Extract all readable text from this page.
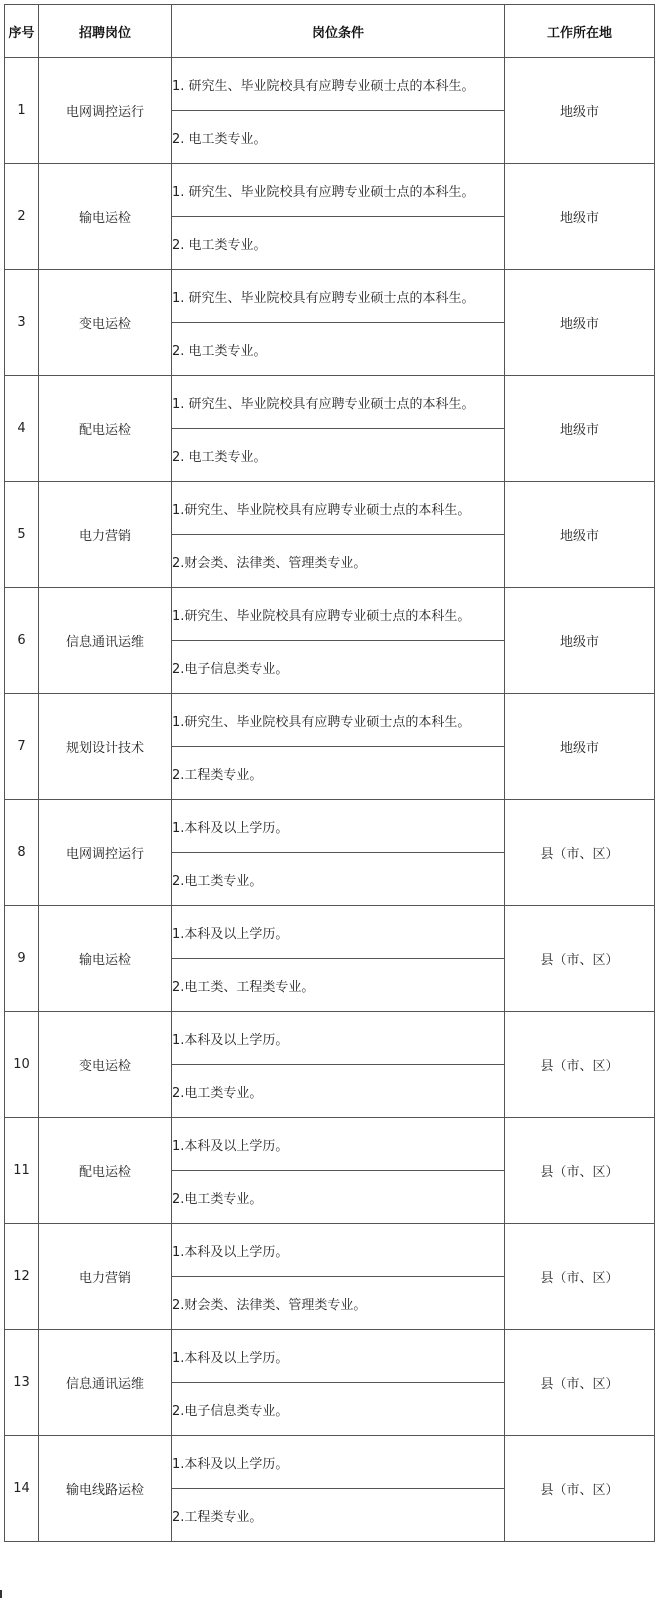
序号	招聘岗位	岗位条件	工作所在地
1	电网调控运行	1. 研究生、毕业院校具有应聘专业硕士点的本科生。	地级市
		2. 电工类专业。	
2	输电运检	1. 研究生、毕业院校具有应聘专业硕士点的本科生。	地级市
		2. 电工类专业。	
3	变电运检	1. 研究生、毕业院校具有应聘专业硕士点的本科生。	地级市
		2. 电工类专业。	
4	配电运检	1. 研究生、毕业院校具有应聘专业硕士点的本科生。	地级市
		2. 电工类专业。	
5	电力营销	1.研究生、毕业院校具有应聘专业硕士点的本科生。	地级市
		2.财会类、法律类、管理类专业。	
6	信息通讯运维	1.研究生、毕业院校具有应聘专业硕士点的本科生。	地级市
		2.电子信息类专业。	
7	规划设计技术	1.研究生、毕业院校具有应聘专业硕士点的本科生。	地级市
		2.工程类专业。	
8	电网调控运行	1.本科及以上学历。	县（市、区）
		2.电工类专业。	
9	输电运检	1.本科及以上学历。	县（市、区）
		2.电工类、工程类专业。	
10	变电运检	1.本科及以上学历。	县（市、区）
		2.电工类专业。	
11	配电运检	1.本科及以上学历。	县（市、区）
		2.电工类专业。	
12	电力营销	1.本科及以上学历。	县（市、区）
		2.财会类、法律类、管理类专业。	
13	信息通讯运维	1.本科及以上学历。	县（市、区）
		2.电子信息类专业。	
14	输电线路运检	1.本科及以上学历。	县（市、区）
		2.工程类专业。	
